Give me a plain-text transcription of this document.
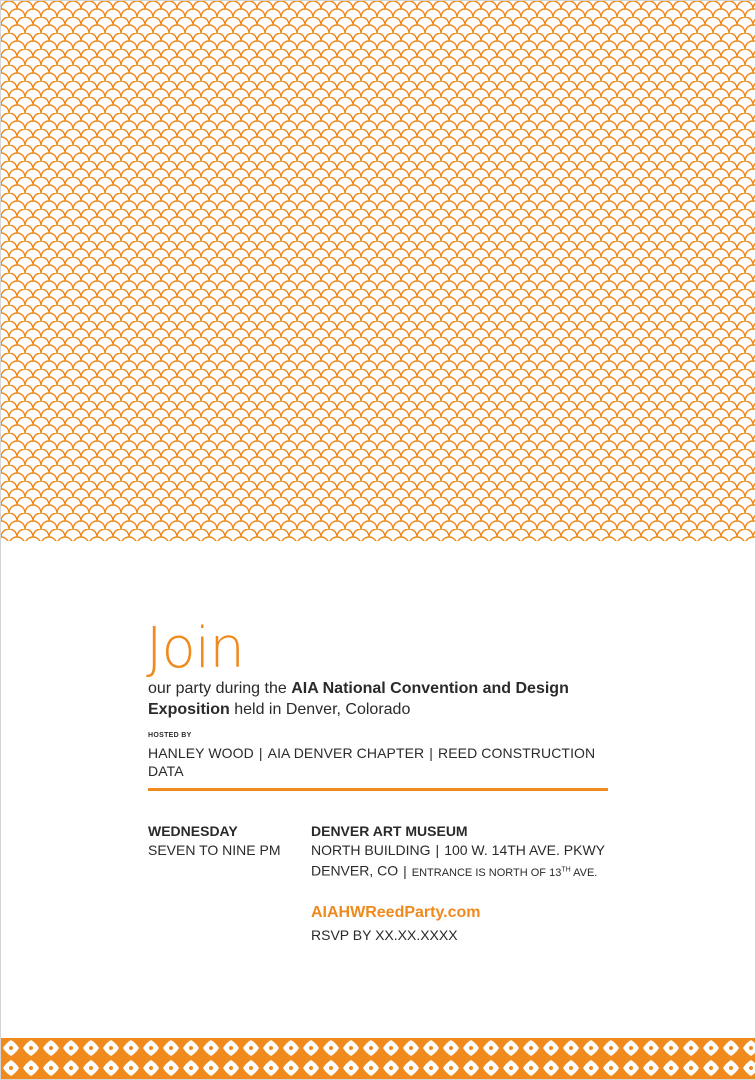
Join
our party during the AIA National Convention and Design Exposition held in Denver, Colorado
HOSTED BY
HANLEY WOOD | AIA DENVER CHAPTER | REED CONSTRUCTION DATA
WEDNESDAY
SEVEN TO NINE PM
DENVER ART MUSEUM
NORTH BUILDING | 100 W. 14TH AVE. PKWY
DENVER, CO | ENTRANCE IS NORTH OF 13TH AVE.
AIAHWReedParty.com
RSVP BY XX.XX.XXXX
